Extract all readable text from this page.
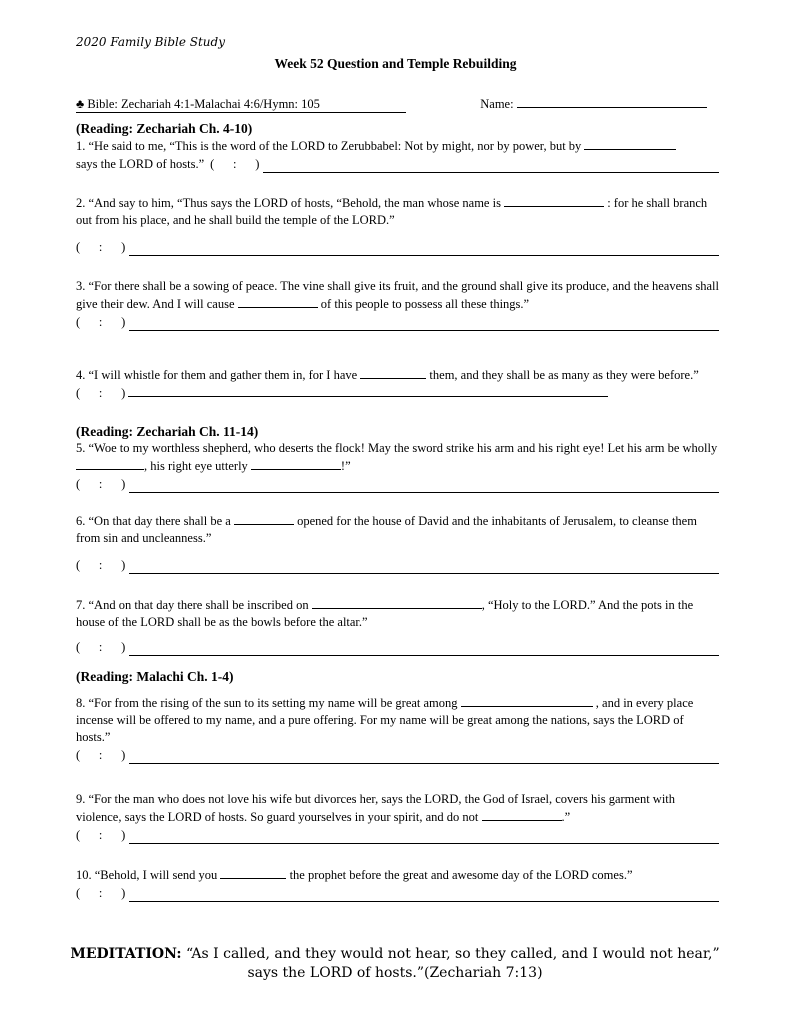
2020 Family Bible Study
Week 52 Question and Temple Rebuilding
♣ Bible: Zechariah 4:1-Malachai 4:6/Hymn: 105	Name:
(Reading: Zechariah Ch. 4-10)
1. “He said to me, “This is the word of the LORD to Zerubbabel: Not by might, nor by power, but by
says the LORD of hosts.” (      :      )
2. “And say to him, “Thus says the LORD of hosts, “Behold, the man whose name is	: for he shall branch out from his place, and he shall build the temple of the LORD.”
(      :      )
3. “For there shall be a sowing of peace. The vine shall give its fruit, and the ground shall give its produce, and the heavens shall give their dew. And I will cause	of this people to possess all these things.”
(      :      )
4. “I will whistle for them and gather them in, for I have	them, and they shall be as many as they were before.” (      :      )
(Reading: Zechariah Ch. 11-14)
5. “Woe to my worthless shepherd, who deserts the flock! May the sword strike his arm and his right eye! Let his arm be wholly , his right eye utterly	!”
(      :      )
6. “On that day there shall be a	opened for the house of David and the inhabitants of Jerusalem, to cleanse them from sin and uncleanness.”
(      :      )
7. “And on that day there shall be inscribed on	, “Holy to the LORD.” And the pots in the house of the LORD shall be as the bowls before the altar.”
(      :      )
(Reading: Malachi Ch. 1-4)
8. “For from the rising of the sun to its setting my name will be great among	, and in every place incense will be offered to my name, and a pure offering. For my name will be great among the nations, says the LORD of hosts.”
(      :      )
9. “For the man who does not love his wife but divorces her, says the LORD, the God of Israel, covers his garment with violence, says the LORD of hosts. So guard yourselves in your spirit, and do not	.”
(      :      )
10. “Behold, I will send you	the prophet before the great and awesome day of the LORD comes.”
(      :      )
MEDITATION: “As I called, and they would not hear, so they called, and I would not hear,”
says the LORD of hosts.”(Zechariah 7:13)
